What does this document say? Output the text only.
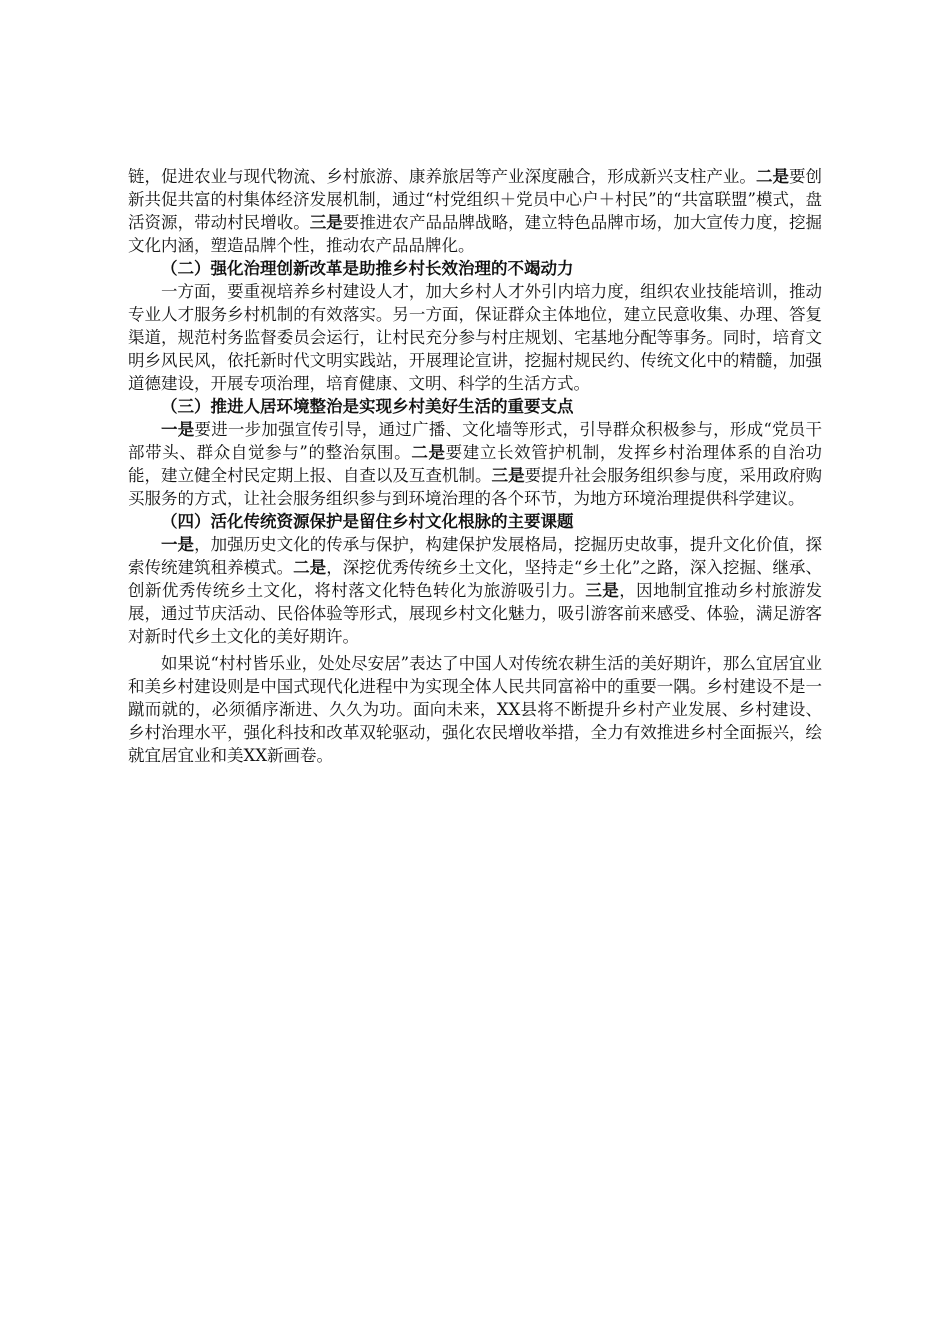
链，促进农业与现代物流、乡村旅游、康养旅居等产业深度融合，形成新兴支柱产业。二是要创新共促共富的村集体经济发展机制，通过“村党组织＋党员中心户＋村民”的“共富联盟”模式，盘活资源，带动村民增收。三是要推进农产品品牌战略，建立特色品牌市场，加大宣传力度，挖掘文化内涵，塑造品牌个性，推动农产品品牌化。

（二）强化治理创新改革是助推乡村长效治理的不竭动力

一方面，要重视培养乡村建设人才，加大乡村人才外引内培力度，组织农业技能培训，推动专业人才服务乡村机制的有效落实。另一方面，保证群众主体地位，建立民意收集、办理、答复渠道，规范村务监督委员会运行，让村民充分参与村庄规划、宅基地分配等事务。同时，培育文明乡风民风，依托新时代文明实践站，开展理论宣讲，挖掘村规民约、传统文化中的精髓，加强道德建设，开展专项治理，培育健康、文明、科学的生活方式。

（三）推进人居环境整治是实现乡村美好生活的重要支点

一是要进一步加强宣传引导，通过广播、文化墙等形式，引导群众积极参与，形成“党员干部带头、群众自觉参与”的整治氛围。二是要建立长效管护机制，发挥乡村治理体系的自治功能，建立健全村民定期上报、自查以及互查机制。三是要提升社会服务组织参与度，采用政府购买服务的方式，让社会服务组织参与到环境治理的各个环节，为地方环境治理提供科学建议。

（四）活化传统资源保护是留住乡村文化根脉的主要课题

一是，加强历史文化的传承与保护，构建保护发展格局，挖掘历史故事，提升文化价值，探索传统建筑租养模式。二是，深挖优秀传统乡土文化，坚持走“乡土化”之路，深入挖掘、继承、创新优秀传统乡土文化，将村落文化特色转化为旅游吸引力。三是，因地制宜推动乡村旅游发展，通过节庆活动、民俗体验等形式，展现乡村文化魅力，吸引游客前来感受、体验，满足游客对新时代乡土文化的美好期许。

如果说“村村皆乐业，处处尽安居”表达了中国人对传统农耕生活的美好期许，那么宜居宜业和美乡村建设则是中国式现代化进程中为实现全体人民共同富裕中的重要一隅。乡村建设不是一蹴而就的，必须循序渐进、久久为功。面向未来，XX县将不断提升乡村产业发展、乡村建设、乡村治理水平，强化科技和改革双轮驱动，强化农民增收举措，全力有效推进乡村全面振兴，绘就宜居宜业和美XX新画卷。
